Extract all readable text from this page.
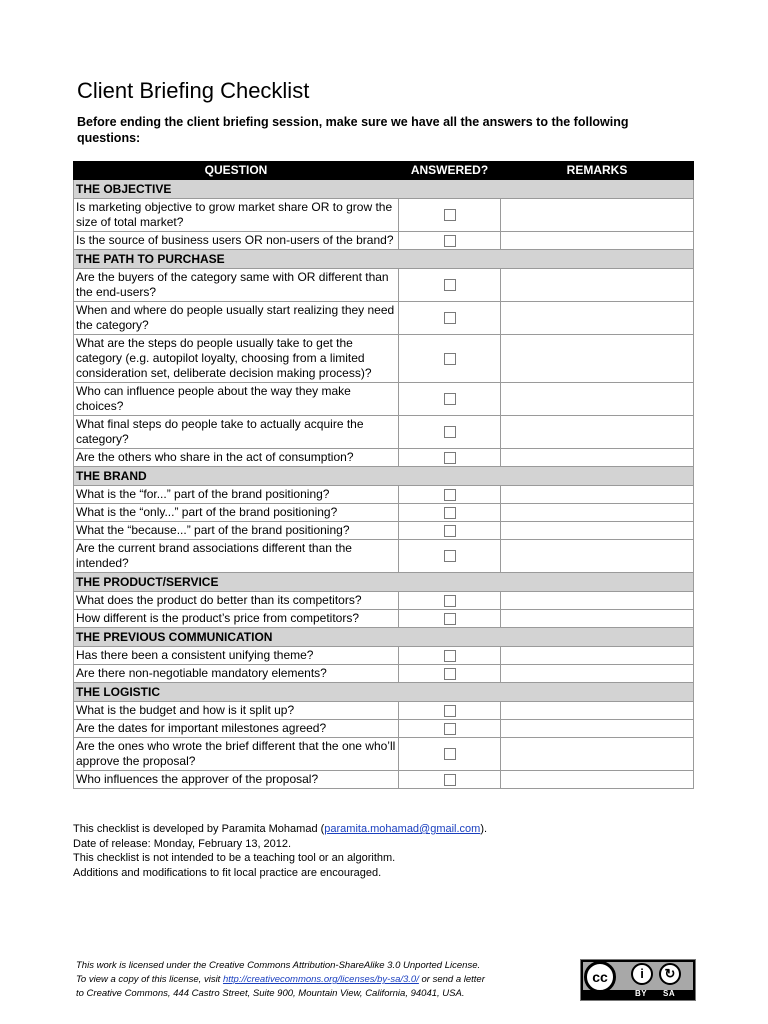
Client Briefing Checklist
Before ending the client briefing session, make sure we have all the answers to the following questions:
QUESTION	ANSWERED?	REMARKS
THE OBJECTIVE		
Is marketing objective to grow market share OR to grow the size of total market?		
Is the source of business users OR non-users of the brand?		
THE PATH TO PURCHASE		
Are the buyers of the category same with OR different than the end-users?		
When and where do people usually start realizing they need the category?		
What are the steps do people usually take to get the category (e.g. autopilot loyalty, choosing from a limited consideration set, deliberate decision making process)?		
Who can influence people about the way they make choices?		
What final steps do people take to actually acquire the category?		
Are the others who share in the act of consumption?		
THE BRAND		
What is the “for...” part of the brand positioning?		
What is the “only...” part of the brand positioning?		
What the “because...” part of the brand positioning?		
Are the current brand associations different than the intended?		
THE PRODUCT/SERVICE		
What does the product do better than its competitors?		
How different is the product’s price from competitors?		
THE PREVIOUS COMMUNICATION		
Has there been a consistent unifying theme?		
Are there non-negotiable mandatory elements?		
THE LOGISTIC		
What is the budget and how is it split up?		
Are the dates for important milestones agreed?		
Are the ones who wrote the brief different that the one who’ll approve the proposal?		
Who influences the approver of the proposal?		
This checklist is developed by Paramita Mohamad (paramita.mohamad@gmail.com).
Date of release: Monday, February 13, 2012.
This checklist is not intended to be a teaching tool or an algorithm.
Additions and modifications to fit local practice are encouraged.
This work is licensed under the Creative Commons Attribution-ShareAlike 3.0 Unported License.
To view a copy of this license, visit http://creativecommons.org/licenses/by-sa/3.0/ or send a letter
to Creative Commons, 444 Castro Street, Suite 900, Mountain View, California, 94041, USA.
cc	i	↻
BY SA
